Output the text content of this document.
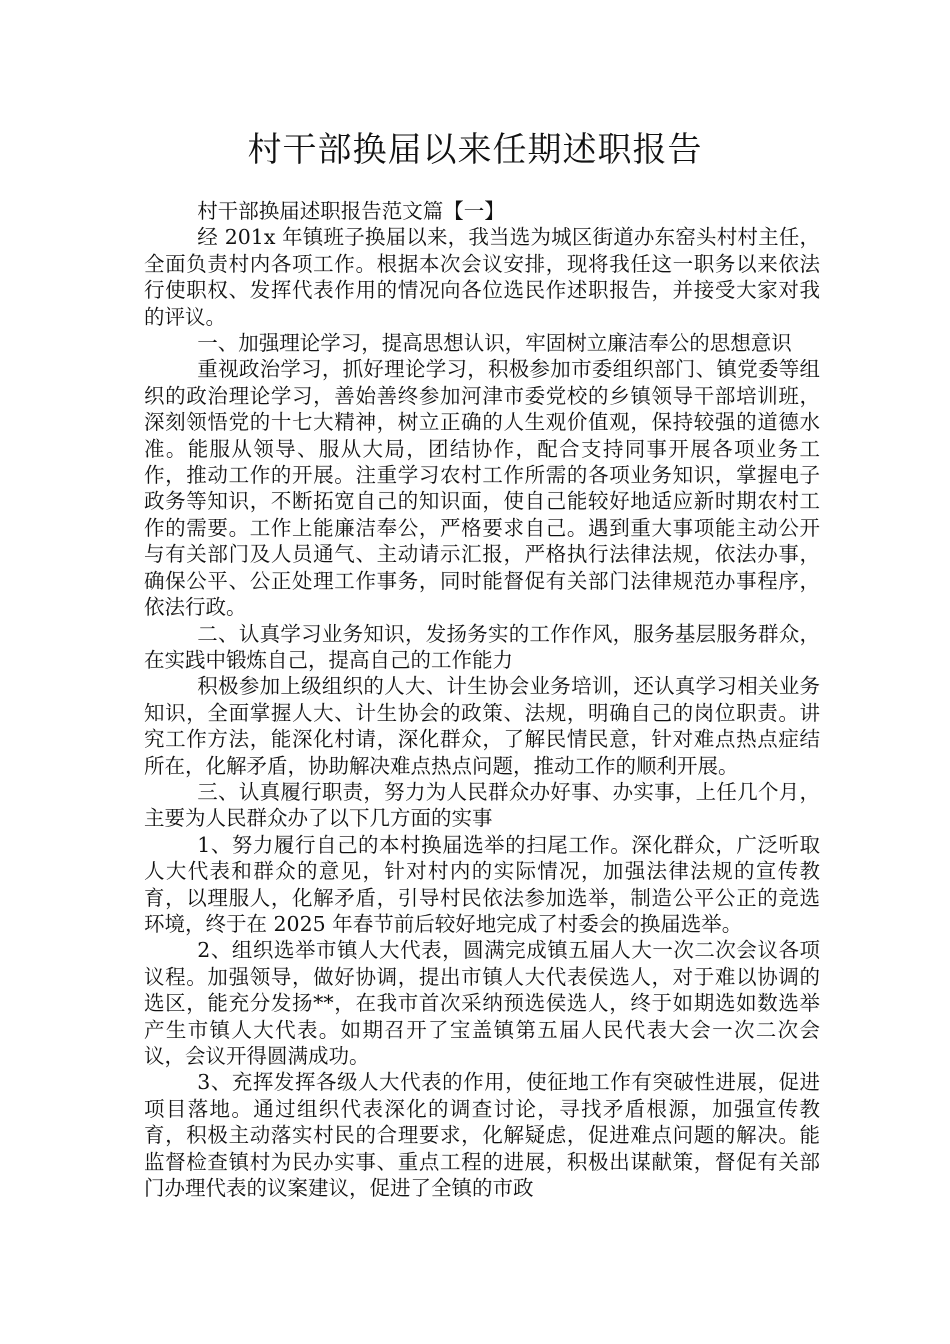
村干部换届以来任期述职报告

村干部换届述职报告范文篇【一】

经 201x 年镇班子换届以来，我当选为城区街道办东窑头村村主任，全面负责村内各项工作。根据本次会议安排，现将我任这一职务以来依法行使职权、发挥代表作用的情况向各位选民作述职报告，并接受大家对我的评议。

一、加强理论学习，提高思想认识，牢固树立廉洁奉公的思想意识

重视政治学习，抓好理论学习，积极参加市委组织部门、镇党委等组织的政治理论学习，善始善终参加河津市委党校的乡镇领导干部培训班，深刻领悟党的十七大精神，树立正确的人生观价值观，保持较强的道德水准。能服从领导、服从大局，团结协作，配合支持同事开展各项业务工作，推动工作的开展。注重学习农村工作所需的各项业务知识，掌握电子政务等知识，不断拓宽自己的知识面，使自己能较好地适应新时期农村工作的需要。工作上能廉洁奉公，严格要求自己。遇到重大事项能主动公开与有关部门及人员通气、主动请示汇报，严格执行法律法规，依法办事，确保公平、公正处理工作事务，同时能督促有关部门法律规范办事程序，依法行政。

二、认真学习业务知识，发扬务实的工作作风，服务基层服务群众，在实践中锻炼自己，提高自己的工作能力

积极参加上级组织的人大、计生协会业务培训，还认真学习相关业务知识，全面掌握人大、计生协会的政策、法规，明确自己的岗位职责。讲究工作方法，能深化村请，深化群众，了解民情民意，针对难点热点症结所在，化解矛盾，协助解决难点热点问题，推动工作的顺利开展。

三、认真履行职责，努力为人民群众办好事、办实事，上任几个月，主要为人民群众办了以下几方面的实事

1、努力履行自己的本村换届选举的扫尾工作。深化群众，广泛听取人大代表和群众的意见，针对村内的实际情况，加强法律法规的宣传教育，以理服人，化解矛盾，引导村民依法参加选举，制造公平公正的竞选环境，终于在 2025 年春节前后较好地完成了村委会的换届选举。

2、组织选举市镇人大代表，圆满完成镇五届人大一次二次会议各项议程。加强领导，做好协调，提出市镇人大代表侯选人，对于难以协调的选区，能充分发扬**，在我市首次采纳预选侯选人，终于如期选如数选举产生市镇人大代表。如期召开了宝盖镇第五届人民代表大会一次二次会议，会议开得圆满成功。

3、充挥发挥各级人大代表的作用，使征地工作有突破性进展，促进项目落地。通过组织代表深化的调查讨论，寻找矛盾根源，加强宣传教育，积极主动落实村民的合理要求，化解疑虑，促进难点问题的解决。能监督检查镇村为民办实事、重点工程的进展，积极出谋献策，督促有关部门办理代表的议案建议，促进了全镇的市政
